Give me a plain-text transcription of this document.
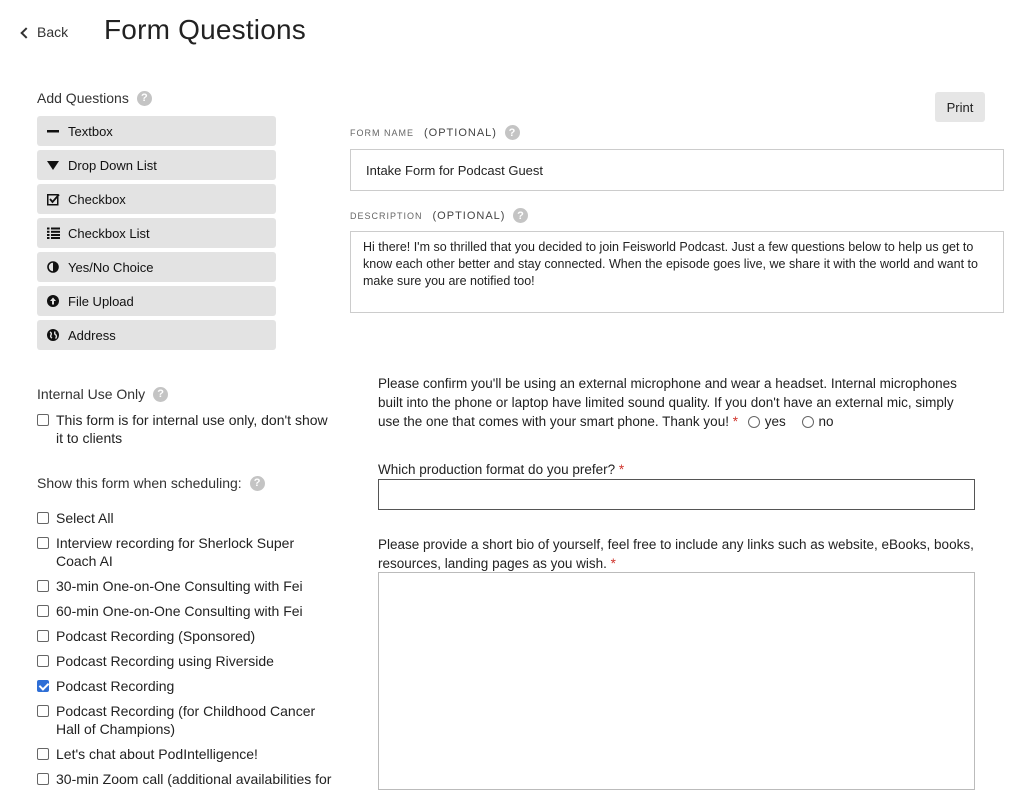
Back Form Questions
Add Questions	?
Textbox
Drop Down List
Checkbox
Checkbox List
Yes/No Choice
File Upload
Address
Internal Use Only	?
This form is for internal use only, don't show it to clients
Show this form when scheduling:	?
Select All
Interview recording for Sherlock Super Coach AI
30-min One-on-One Consulting with Fei
60-min One-on-One Consulting with Fei
Podcast Recording (Sponsored)
Podcast Recording using Riverside
Podcast Recording
Podcast Recording (for Childhood Cancer Hall of Champions)
Let's chat about PodIntelligence!
30-min Zoom call (additional availabilities for
Print
FORM NAME (OPTIONAL)	?
Intake Form for Podcast Guest
DESCRIPTION (OPTIONAL)	?
Hi there! I'm so thrilled that you decided to join Feisworld Podcast. Just a few questions below to help us get to know each other better and stay connected. When the episode goes live, we share it with the world and want to make sure you are notified too!
Please confirm you'll be using an external microphone and wear a headset. Internal microphones built into the phone or laptop have limited sound quality. If you don't have an external mic, simply use the one that comes with your smart phone. Thank you! * yes no
Which production format do you prefer? *
Please provide a short bio of yourself, feel free to include any links such as website, eBooks, books, resources, landing pages as you wish. *
